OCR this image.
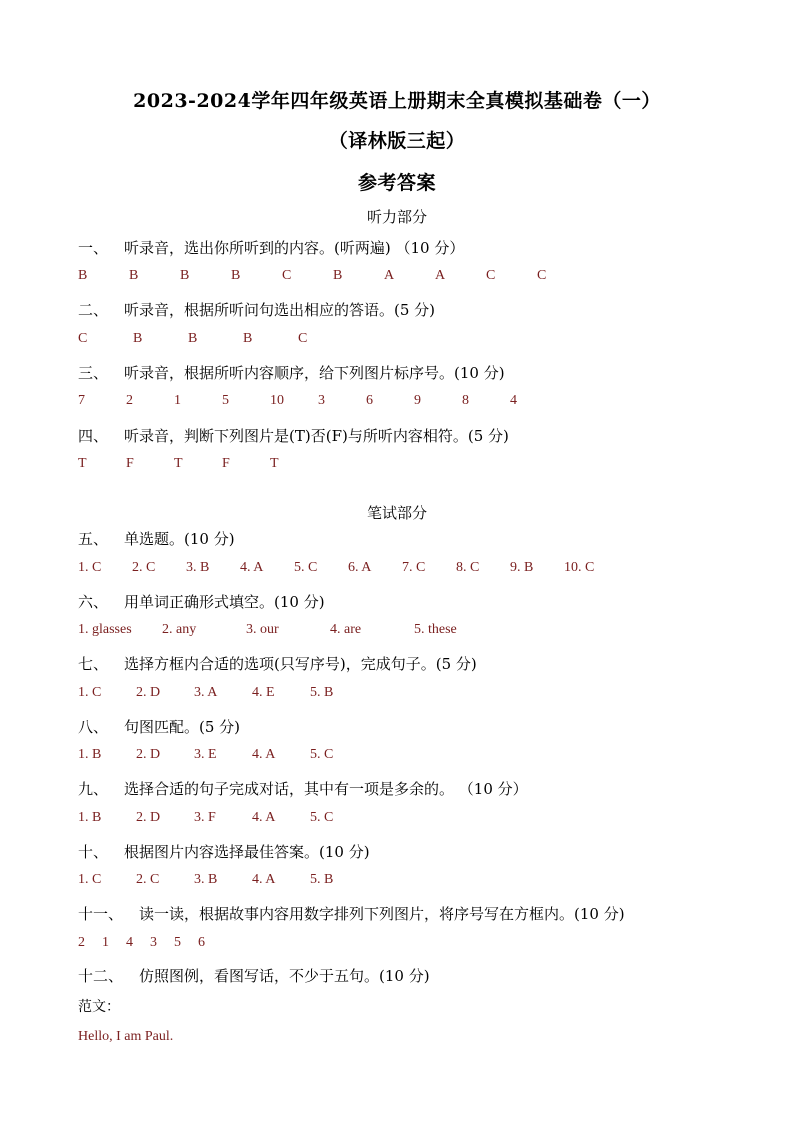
2023-2024学年四年级英语上册期末全真模拟基础卷（一）
（译林版三起）
参考答案
听力部分
笔试部分
一、 听录音，选出你所听到的内容。(听两遍) （10 分）
B	B	B	B	C	B	A	A	C	C
二、 听录音，根据所听问句选出相应的答语。(5 分)
C	B	B	B	C
三、 听录音，根据所听内容顺序，给下列图片标序号。(10 分)
7	2	1	5	10 3	6	9	8	4
四、 听录音，判断下列图片是(T)否(F)与所听内容相符。(5 分)
T	F	T	F	T
五、 单选题。(10 分)
1. C 2. C 3. B 4. A 5. C 6. A 7. C 8. C 9. B 10. C
六、 用单词正确形式填空。(10 分)
1. glasses 2. any	3. our	4. are	5. these
七、 选择方框内合适的选项(只写序号)，完成句子。(5 分)
1. C 2. D 3. A 4. E	5. B
八、 句图匹配。(5 分)
1. B 2. D 3. E	4. A 5. C
九、 选择合适的句子完成对话，其中有一项是多余的。 （10 分）
1. B 2. D 3. F	4. A 5. C
十、 根据图片内容选择最佳答案。(10 分)
1. C 2. C 3. B 4. A 5. B
十一、 读一读，根据故事内容用数字排列下列图片，将序号写在方框内。(10 分)
2 1 4 3 5 6
十二、 仿照图例，看图写话，不少于五句。(10 分)
范文：
Hello, I am Paul.
